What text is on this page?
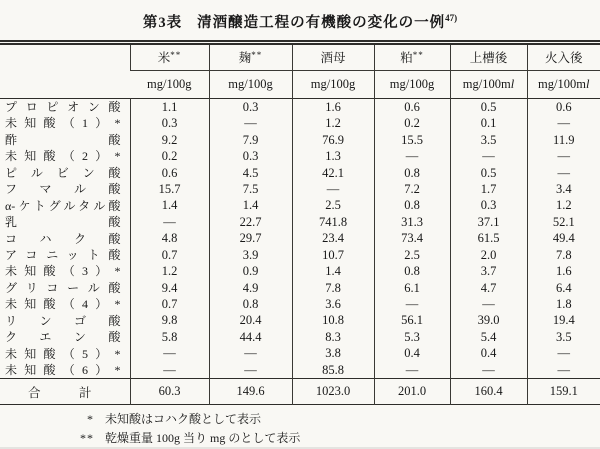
第3表 清酒醸造工程の有機酸の変化の一例$^{47)}$
	米**	麹**	酒母	粕**	上槽後	火入後
	mg/100g	mg/100g	mg/100g	mg/100g	mg/100ml	mg/100ml
プロピオン酸	1.1	0.3	1.6	0.6	0.5	0.6
未知酸（1）*	0.3	—	1.2	0.2	0.1	—
酢酸	9.2	7.9	76.9	15.5	3.5	11.9
未知酸（2）*	0.2	0.3	1.3	—	—	—
ピルビン酸	0.6	4.5	42.1	0.8	0.5	—
フマル酸	15.7	7.5	—	7.2	1.7	3.4
α-ケトグルタル酸	1.4	1.4	2.5	0.8	0.3	1.2
乳酸	—	22.7	741.8	31.3	37.1	52.1
コハク酸	4.8	29.7	23.4	73.4	61.5	49.4
アコニット酸	0.7	3.9	10.7	2.5	2.0	7.8
未知酸（3）*	1.2	0.9	1.4	0.8	3.7	1.6
グリコール酸	9.4	4.9	7.8	6.1	4.7	6.4
未知酸（4）*	0.7	0.8	3.6	—	—	1.8
リンゴ酸	9.8	20.4	10.8	56.1	39.0	19.4
クエン酸	5.8	44.4	8.3	5.3	5.4	3.5
未知酸（5）*	—	—	3.8	0.4	0.4	—
未知酸（6）*	—	—	85.8	—	—	—
合計	60.3	149.6	1023.0	201.0	160.4	159.1
* 未知酸はコハク酸として表示
** 乾燥重量 100g 当り mg のとして表示
